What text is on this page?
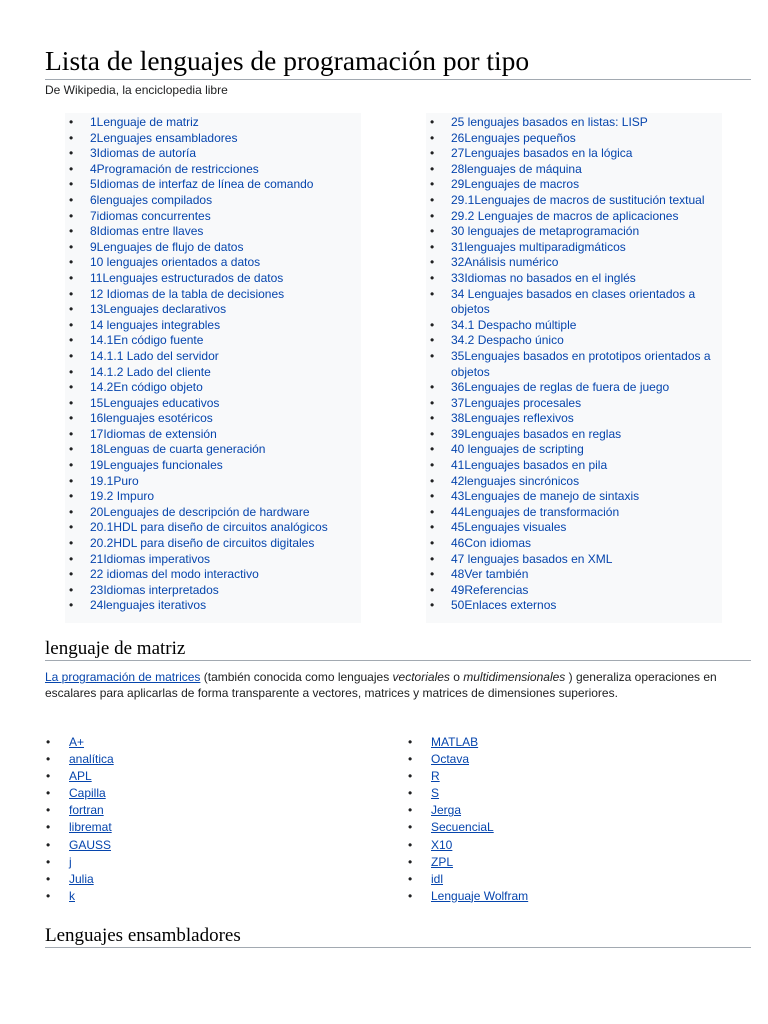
Lista de lenguajes de programación por tipo
De Wikipedia, la enciclopedia libre
• 1Lenguaje de matriz
• 2Lenguajes ensambladores
• 3Idiomas de autoría
• 4Programación de restricciones
• 5Idiomas de interfaz de línea de comando
• 6lenguajes compilados
• 7idiomas concurrentes
• 8Idiomas entre llaves
• 9Lenguajes de flujo de datos
• 10 lenguajes orientados a datos
• 11Lenguajes estructurados de datos
• 12 Idiomas de la tabla de decisiones
• 13Lenguajes declarativos
• 14 lenguajes integrables
• 14.1En código fuente
• 14.1.1 Lado del servidor
• 14.1.2 Lado del cliente
• 14.2En código objeto
• 15Lenguajes educativos
• 16lenguajes esotéricos
• 17Idiomas de extensión
• 18Lenguas de cuarta generación
• 19Lenguajes funcionales
• 19.1Puro
• 19.2 Impuro
• 20Lenguajes de descripción de hardware
• 20.1HDL para diseño de circuitos analógicos
• 20.2HDL para diseño de circuitos digitales
• 21Idiomas imperativos
• 22 idiomas del modo interactivo
• 23Idiomas interpretados
• 24lenguajes iterativos
• 25 lenguajes basados en listas: LISP
• 26Lenguajes pequeños
• 27Lenguajes basados en la lógica
• 28lenguajes de máquina
• 29Lenguajes de macros
• 29.1Lenguajes de macros de sustitución textual
• 29.2 Lenguajes de macros de aplicaciones
• 30 lenguajes de metaprogramación
• 31lenguajes multiparadigmáticos
• 32Análisis numérico
• 33Idiomas no basados en el inglés
• 34 Lenguajes basados en clases orientados a objetos
• 34.1 Despacho múltiple
• 34.2 Despacho único
• 35Lenguajes basados en prototipos orientados a objetos
• 36Lenguajes de reglas de fuera de juego
• 37Lenguajes procesales
• 38Lenguajes reflexivos
• 39Lenguajes basados en reglas
• 40 lenguajes de scripting
• 41Lenguajes basados en pila
• 42lenguajes sincrónicos
• 43Lenguajes de manejo de sintaxis
• 44Lenguajes de transformación
• 45Lenguajes visuales
• 46Con idiomas
• 47 lenguajes basados en XML
• 48Ver también
• 49Referencias
• 50Enlaces externos
lenguaje de matriz

La programación de matrices (también conocida como lenguajes vectoriales o multidimensionales ) generaliza operaciones en escalares para aplicarlas de forma transparente a vectores, matrices y matrices de dimensiones superiores.

• A+
• analítica
• APL
• Capilla
• fortran
• libremat
• GAUSS
• j
• Julia
• k
• MATLAB
• Octava
• R
• S
• Jerga
• SecuenciaL
• X10
• ZPL
• idl
• Lenguaje Wolfram
Lenguajes ensambladores
